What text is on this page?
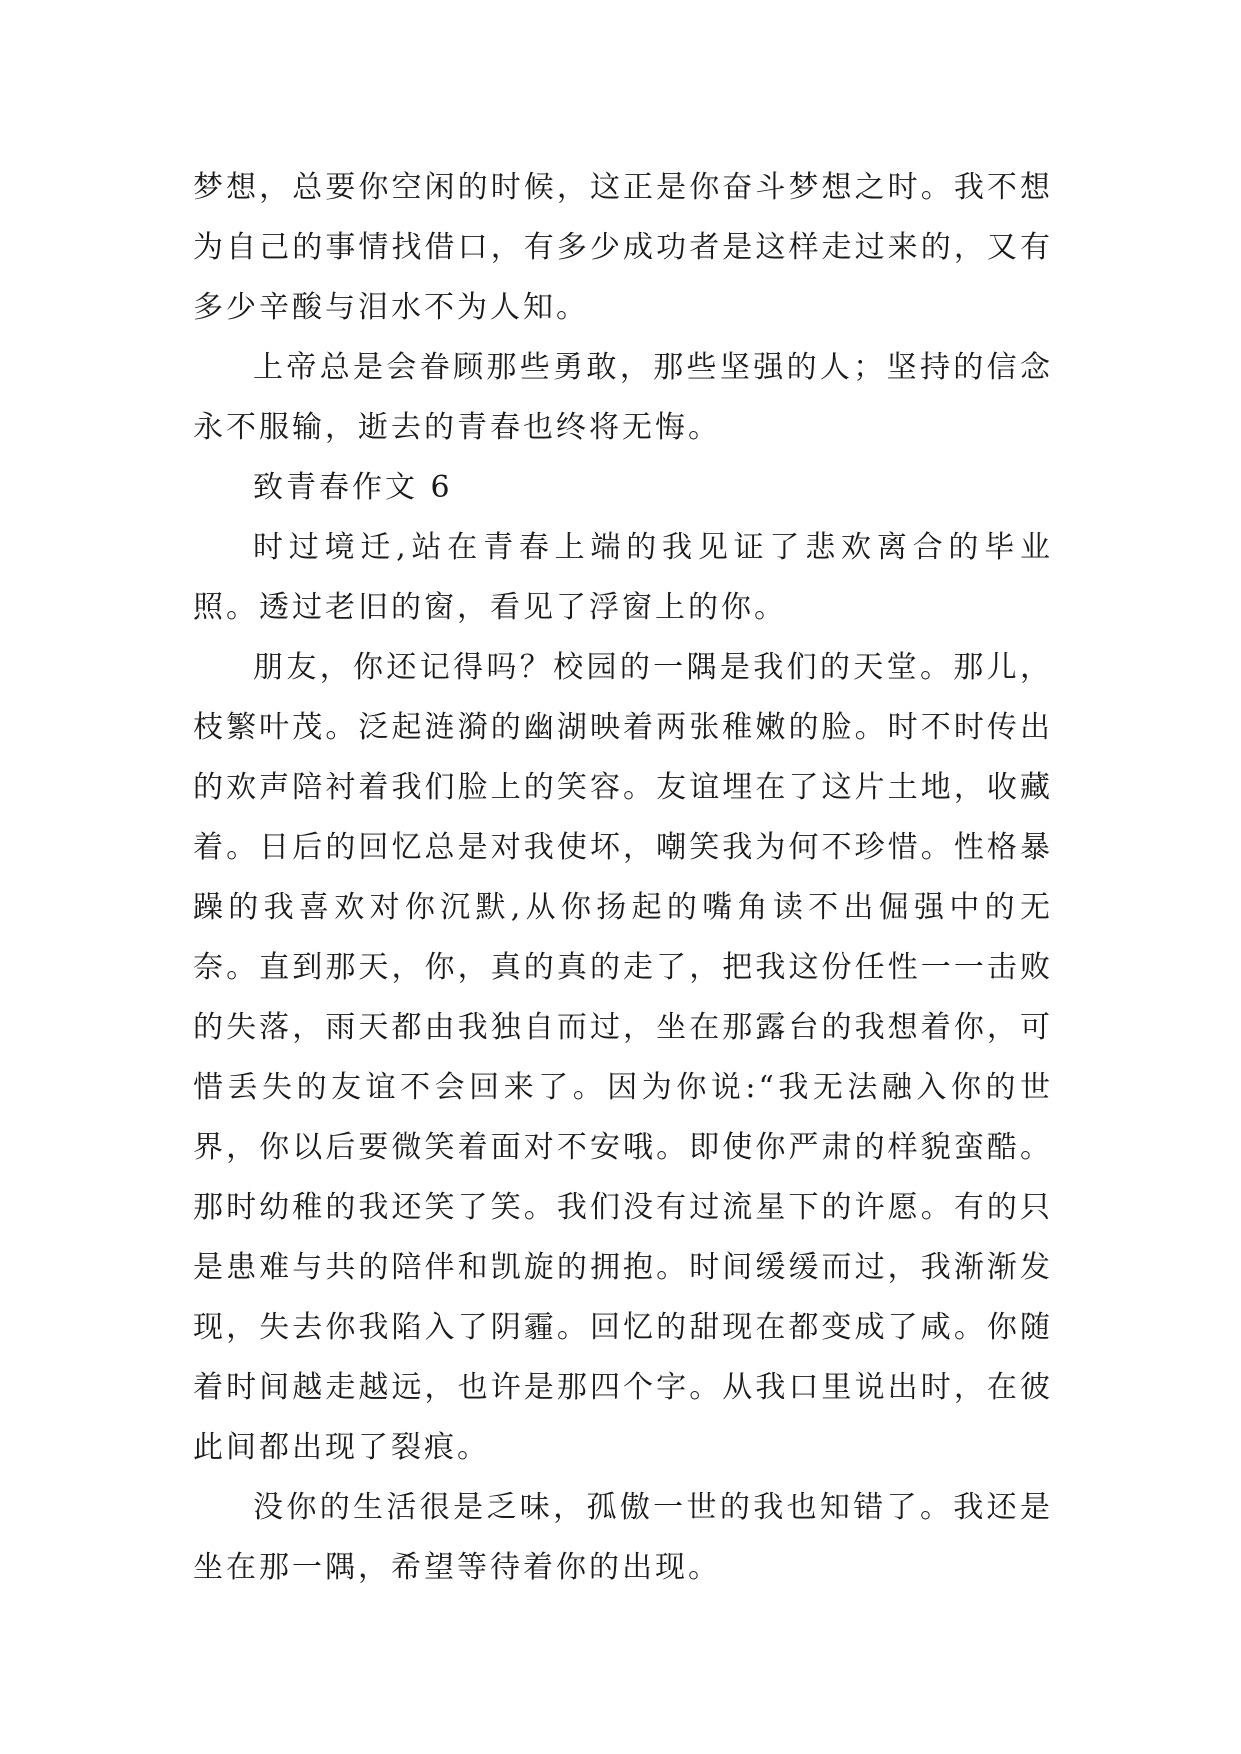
梦想，总要你空闲的时候，这正是你奋斗梦想之时。我不想为自己的事情找借口，有多少成功者是这样走过来的，又有多少辛酸与泪水不为人知。

上帝总是会眷顾那些勇敢，那些坚强的人；坚持的信念永不服输，逝去的青春也终将无悔。

致青春作文 6

时过境迁,站在青春上端的我见证了悲欢离合的毕业照。透过老旧的窗，看见了浮窗上的你。

朋友，你还记得吗？校园的一隅是我们的天堂。那儿，枝繁叶茂。泛起涟漪的幽湖映着两张稚嫩的脸。时不时传出的欢声陪衬着我们脸上的笑容。友谊埋在了这片土地，收藏着。日后的回忆总是对我使坏，嘲笑我为何不珍惜。性格暴躁的我喜欢对你沉默,从你扬起的嘴角读不出倔强中的无奈。直到那天，你，真的真的走了，把我这份任性一一击败的失落，雨天都由我独自而过，坐在那露台的我想着你，可惜丢失的友谊不会回来了。因为你说:“我无法融入你的世界，你以后要微笑着面对不安哦。即使你严肃的样貌蛮酷。那时幼稚的我还笑了笑。我们没有过流星下的许愿。有的只是患难与共的陪伴和凯旋的拥抱。时间缓缓而过，我渐渐发现，失去你我陷入了阴霾。回忆的甜现在都变成了咸。你随着时间越走越远，也许是那四个字。从我口里说出时，在彼此间都出现了裂痕。

没你的生活很是乏味，孤傲一世的我也知错了。我还是坐在那一隅，希望等待着你的出现。
